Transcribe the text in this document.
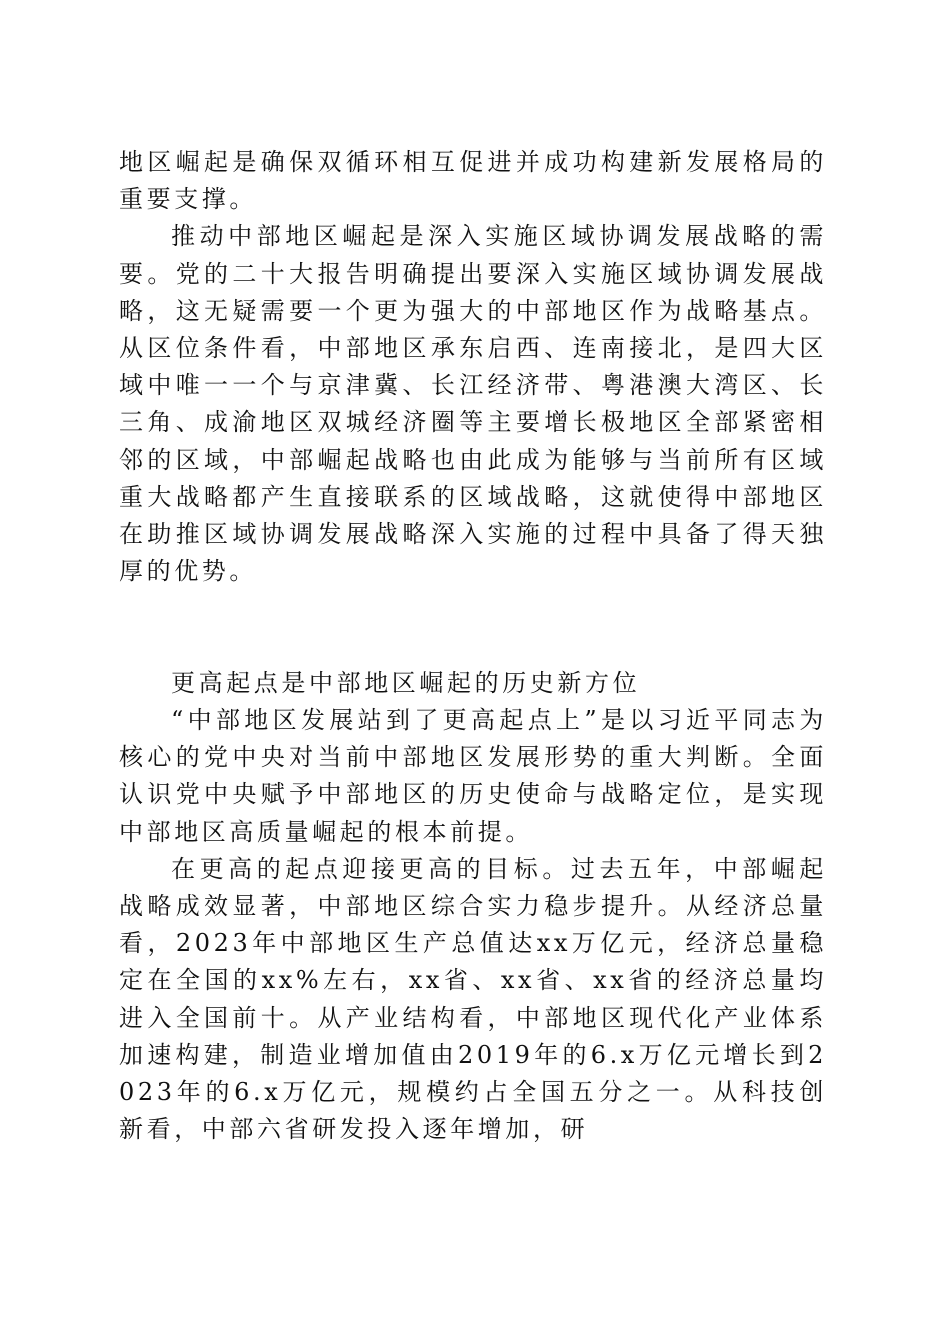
地区崛起是确保双循环相互促进并成功构建新发展格局的重要支撑。

推动中部地区崛起是深入实施区域协调发展战略的需要。党的二十大报告明确提出要深入实施区域协调发展战略，这无疑需要一个更为强大的中部地区作为战略基点。从区位条件看，中部地区承东启西、连南接北，是四大区域中唯一一个与京津冀、长江经济带、粤港澳大湾区、长三角、成渝地区双城经济圈等主要增长极地区全部紧密相邻的区域，中部崛起战略也由此成为能够与当前所有区域重大战略都产生直接联系的区域战略，这就使得中部地区在助推区域协调发展战略深入实施的过程中具备了得天独厚的优势。

更高起点是中部地区崛起的历史新方位

“中部地区发展站到了更高起点上”是以习近平同志为核心的党中央对当前中部地区发展形势的重大判断。全面认识党中央赋予中部地区的历史使命与战略定位，是实现中部地区高质量崛起的根本前提。

在更高的起点迎接更高的目标。过去五年，中部崛起战略成效显著，中部地区综合实力稳步提升。从经济总量看，2023年中部地区生产总值达xx万亿元，经济总量稳定在全国的xx%左右，xx省、xx省、xx省的经济总量均进入全国前十。从产业结构看，中部地区现代化产业体系加速构建，制造业增加值由2019年的6.x万亿元增长到2023年的6.x万亿元，规模约占全国五分之一。从科技创新看，中部六省研发投入逐年增加，研
